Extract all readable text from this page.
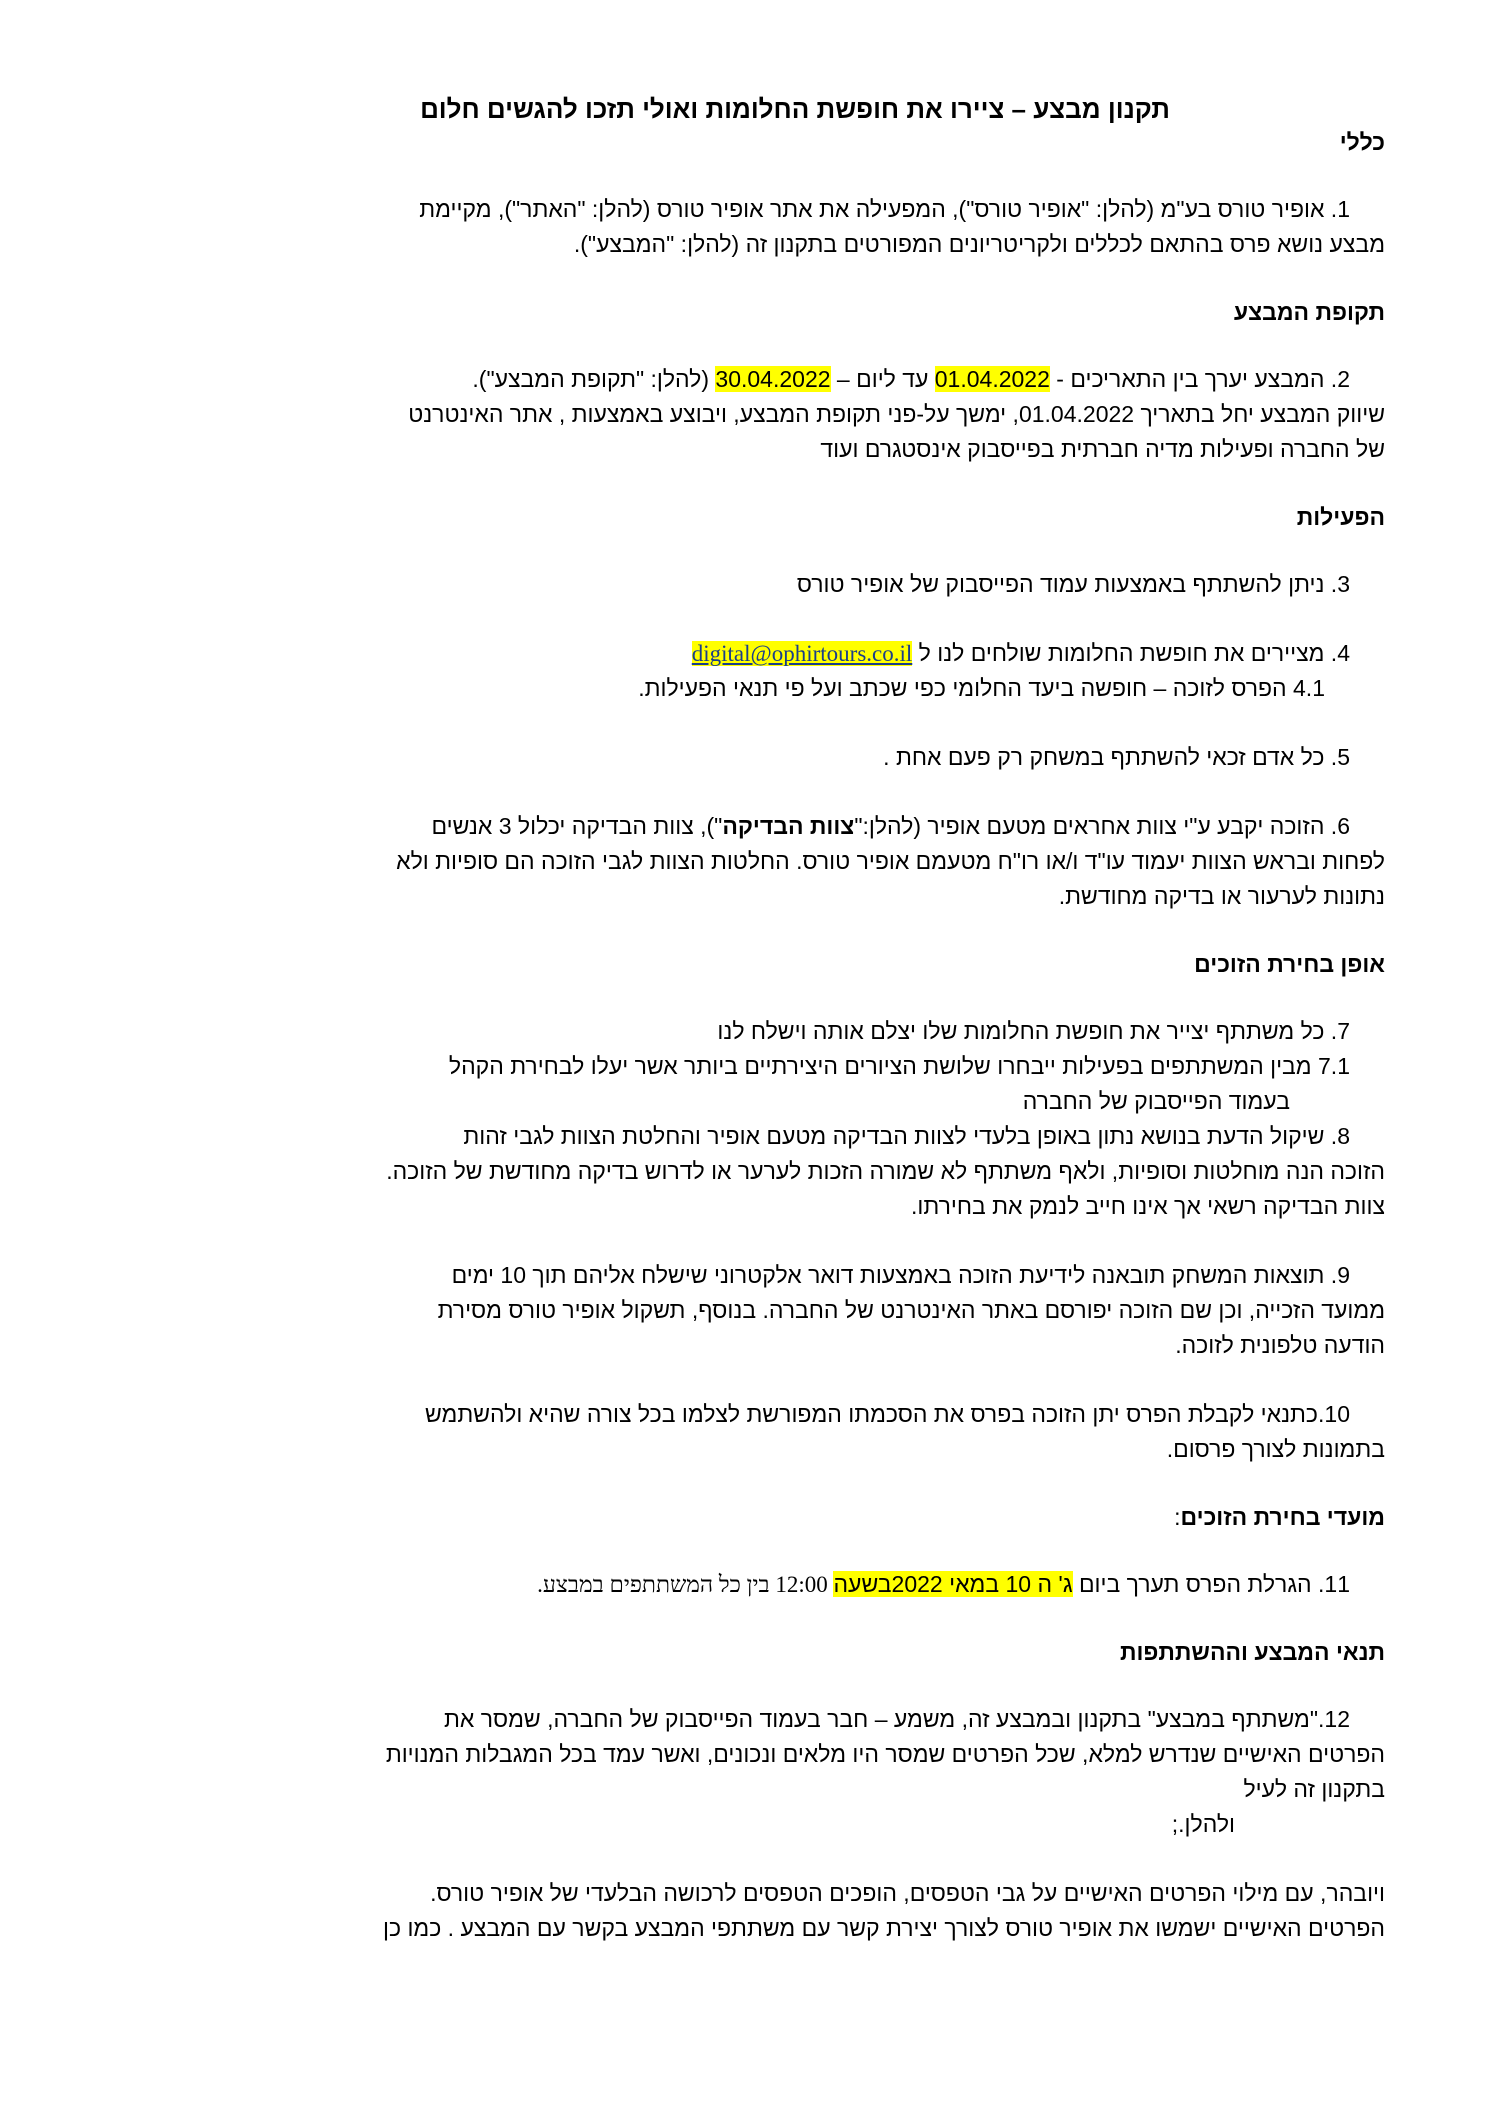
תקנון מבצע – ציירו את חופשת החלומות ואולי תזכו להגשים חלום
כללי

1. אופיר טורס בע"מ (להלן: "אופיר טורס"), המפעילה את אתר אופיר טורס (להלן: "האתר"), מקיימת

מבצע נושא פרס בהתאם לכללים ולקריטריונים המפורטים בתקנון זה (להלן: "המבצע").

תקופת המבצע

2. המבצע יערך בין התאריכים - 01.04.2022 עד ליום – 30.04.2022 (להלן: "תקופת המבצע").

שיווק המבצע יחל בתאריך 01.04.2022, ימשך על-פני תקופת המבצע, ויבוצע באמצעות , אתר האינטרנט

של החברה ופעילות מדיה חברתית בפייסבוק אינסטגרם ועוד

הפעילות

3. ניתן להשתתף באמצעות עמוד הפייסבוק של אופיר טורס

4. מציירים את חופשת החלומות שולחים לנו ל digital@ophirtours.co.il

4.1 הפרס לזוכה – חופשה ביעד החלומי כפי שכתב ועל פי תנאי הפעילות.

5. כל אדם זכאי להשתתף במשחק רק פעם אחת .

6. הזוכה יקבע ע"י צוות אחראים מטעם אופיר (להלן:"צוות הבדיקה"), צוות הבדיקה יכלול 3 אנשים

לפחות ובראש הצוות יעמוד עו"ד ו/או רו"ח מטעמם אופיר טורס. החלטות הצוות לגבי הזוכה הם סופיות ולא

נתונות לערעור או בדיקה מחודשת.

אופן בחירת הזוכים

7. כל משתתף יצייר את חופשת החלומות שלו יצלם אותה וישלח לנו

7.1 מבין המשתתפים בפעילות ייבחרו שלושת הציורים היצירתיים ביותר אשר יעלו לבחירת הקהל

בעמוד הפייסבוק של החברה

8. שיקול הדעת בנושא נתון באופן בלעדי לצוות הבדיקה מטעם אופיר והחלטת הצוות לגבי זהות

הזוכה הנה מוחלטות וסופיות, ולאף משתתף לא שמורה הזכות לערער או לדרוש בדיקה מחודשת של הזוכה.

צוות הבדיקה רשאי אך אינו חייב לנמק את בחירתו.

9. תוצאות המשחק תובאנה לידיעת הזוכה באמצעות דואר אלקטרוני שישלח אליהם תוך 10 ימים

ממועד הזכייה, וכן שם הזוכה יפורסם באתר האינטרנט של החברה. בנוסף, תשקול אופיר טורס מסירת

הודעה טלפונית לזוכה.

10.כתנאי לקבלת הפרס יתן הזוכה בפרס את הסכמתו המפורשת לצלמו בכל צורה שהיא ולהשתמש

בתמונות לצורך פרסום.

מועדי בחירת הזוכים:

11. הגרלת הפרס תערך ביום ג' ה 10 במאי 2022בשעה 12:00 בין כל המשתתפים במבצע.

תנאי המבצע וההשתתפות

12."משתתף במבצע" בתקנון ובמבצע זה, משמע – חבר בעמוד הפייסבוק של החברה, שמסר את

הפרטים האישיים שנדרש למלא, שכל הפרטים שמסר היו מלאים ונכונים, ואשר עמד בכל המגבלות המנויות

בתקנון זה לעיל

ולהלן.;

ויובהר, עם מילוי הפרטים האישיים על גבי הטפסים, הופכים הטפסים לרכושה הבלעדי של אופיר טורס.

הפרטים האישיים ישמשו את אופיר טורס לצורך יצירת קשר עם משתתפי המבצע בקשר עם המבצע . כמו כן
